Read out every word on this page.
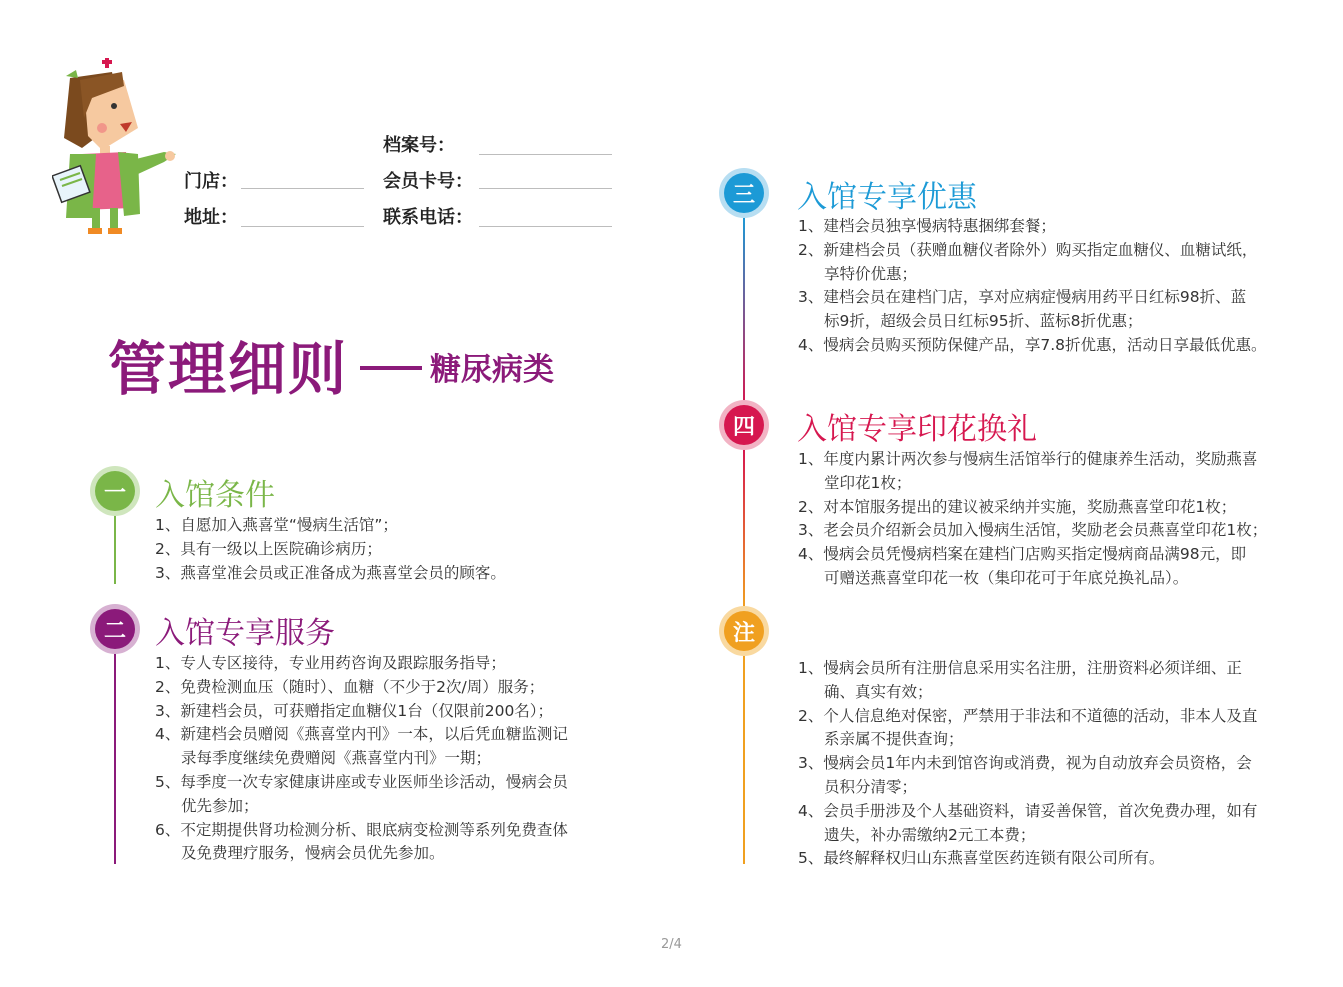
档案号：
门店：	会员卡号：
地址：	联系电话：
管理细则	糖尿病类
一 入馆条件
1、自愿加入燕喜堂“慢病生活馆”；
2、具有一级以上医院确诊病历；
3、燕喜堂准会员或正准备成为燕喜堂会员的顾客。
二 入馆专享服务
1、专人专区接待，专业用药咨询及跟踪服务指导；
2、免费检测血压（随时）、血糖（不少于2次/周）服务；
3、新建档会员，可获赠指定血糖仪1台（仅限前200名）；
4、新建档会员赠阅《燕喜堂内刊》一本，以后凭血糖监测记
录每季度继续免费赠阅《燕喜堂内刊》一期；
5、每季度一次专家健康讲座或专业医师坐诊活动，慢病会员
优先参加；
6、不定期提供肾功检测分析、眼底病变检测等系列免费查体
及免费理疗服务，慢病会员优先参加。
三	入馆专享优惠
1、建档会员独享慢病特惠捆绑套餐；
2、新建档会员（获赠血糖仪者除外）购买指定血糖仪、血糖试纸，
享特价优惠；
3、建档会员在建档门店，享对应病症慢病用药平日红标98折、蓝
标9折，超级会员日红标95折、蓝标8折优惠；
4、慢病会员购买预防保健产品，享7.8折优惠，活动日享最低优惠。
四	入馆专享印花换礼
1、年度内累计两次参与慢病生活馆举行的健康养生活动，奖励燕喜
堂印花1枚；
2、对本馆服务提出的建议被采纳并实施，奖励燕喜堂印花1枚；
3、老会员介绍新会员加入慢病生活馆，奖励老会员燕喜堂印花1枚；
4、慢病会员凭慢病档案在建档门店购买指定慢病商品满98元，即
可赠送燕喜堂印花一枚（集印花可于年底兑换礼品）。
注
1、慢病会员所有注册信息采用实名注册，注册资料必须详细、正
确、真实有效；
2、个人信息绝对保密，严禁用于非法和不道德的活动，非本人及直
系亲属不提供查询；
3、慢病会员1年内未到馆咨询或消费，视为自动放弃会员资格，会
员积分清零；
4、会员手册涉及个人基础资料，请妥善保管，首次免费办理，如有
遗失，补办需缴纳2元工本费；
5、最终解释权归山东燕喜堂医药连锁有限公司所有。
2/4
